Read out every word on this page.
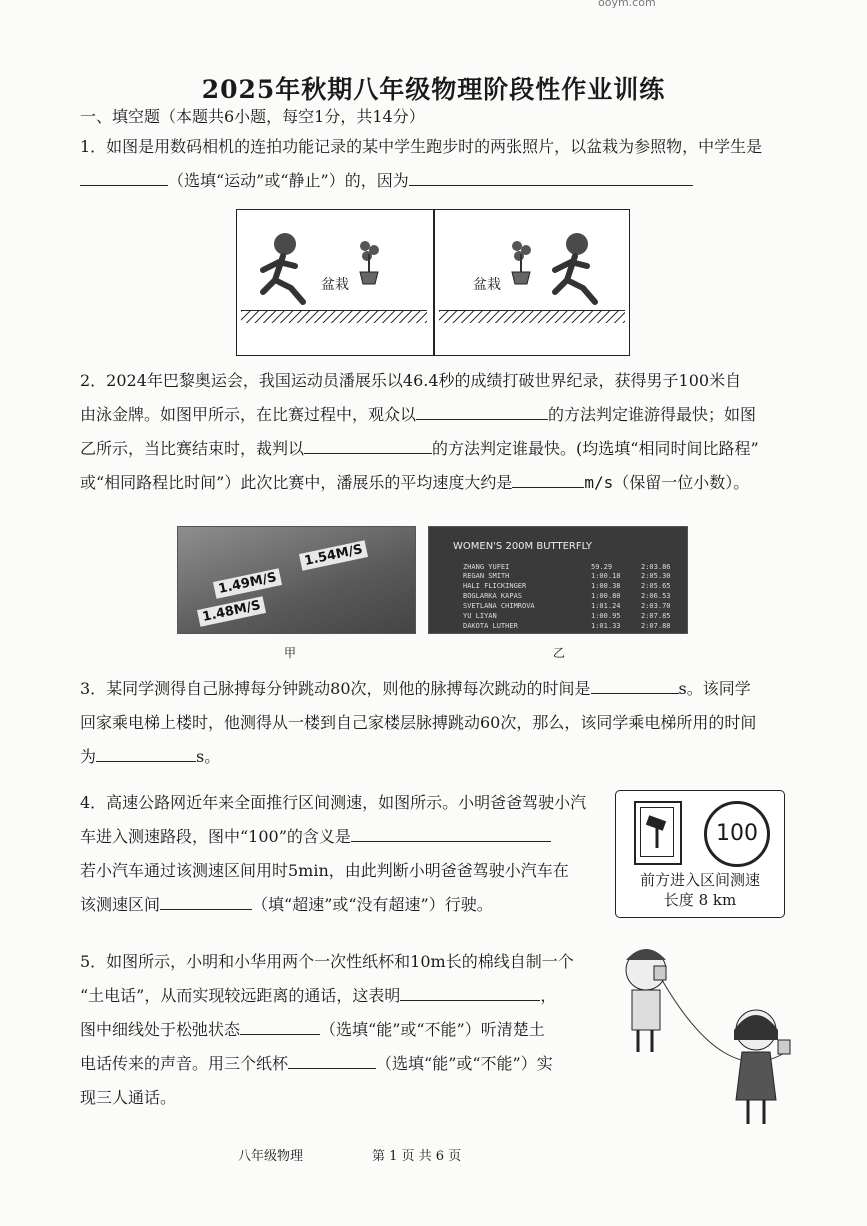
ooym.com
2025年秋期八年级物理阶段性作业训练
一、填空题（本题共6小题，每空1分，共14分）
1．如图是用数码相机的连拍功能记录的某中学生跑步时的两张照片，以盆栽为参照物，中学生是
（选填“运动”或“静止”）的，因为
盆栽	盆栽
2．2024年巴黎奥运会，我国运动员潘展乐以46.4秒的成绩打破世界纪录，获得男子100米自
由泳金牌。如图甲所示，在比赛过程中，观众以	的方法判定谁游得最快；如图
乙所示，当比赛结束时，裁判以	的方法判定谁最快。(均选填“相同时间比路程”
或“相同路程比时间”）此次比赛中，潘展乐的平均速度大约是	m/s（保留一位小数）。
1.54M/S
1.49M/S
1.48M/S
甲
WOMEN'S 200M BUTTERFLY
ZHANG YUFEI	59.29	2:03.86
REGAN SMITH	1:00.18	2:05.30
HALI FLICKINGER	1:00.38	2:05.65
BOGLARKA KAPAS	1:00.80	2:06.53
SVETLANA CHIMROVA	1:01.24	2:03.70
YU LIYAN	1:00.95	2:07.85
DAKOTA LUTHER	1:01.33	2:07.88
乙
3．某同学测得自己脉搏每分钟跳动80次，则他的脉搏每次跳动的时间是	s。该同学
回家乘电梯上楼时，他测得从一楼到自己家楼层脉搏跳动60次，那么，该同学乘电梯所用的时间
为	s。
4．高速公路网近年来全面推行区间测速，如图所示。小明爸爸驾驶小汽
车进入测速路段，图中“100”的含义是
若小汽车通过该测速区间用时5min，由此判断小明爸爸驾驶小汽车在
该测速区间	（填“超速”或“没有超速”）行驶。
100
前方进入区间测速
长度 8 km
5．如图所示，小明和小华用两个一次性纸杯和10m长的棉线自制一个
“土电话”，从而实现较远距离的通话，这表明	，
图中细线处于松弛状态	（选填“能”或“不能”）听清楚土
电话传来的声音。用三个纸杯	（选填“能”或“不能”）实
现三人通话。
八年级物理	第 1 页 共 6 页
